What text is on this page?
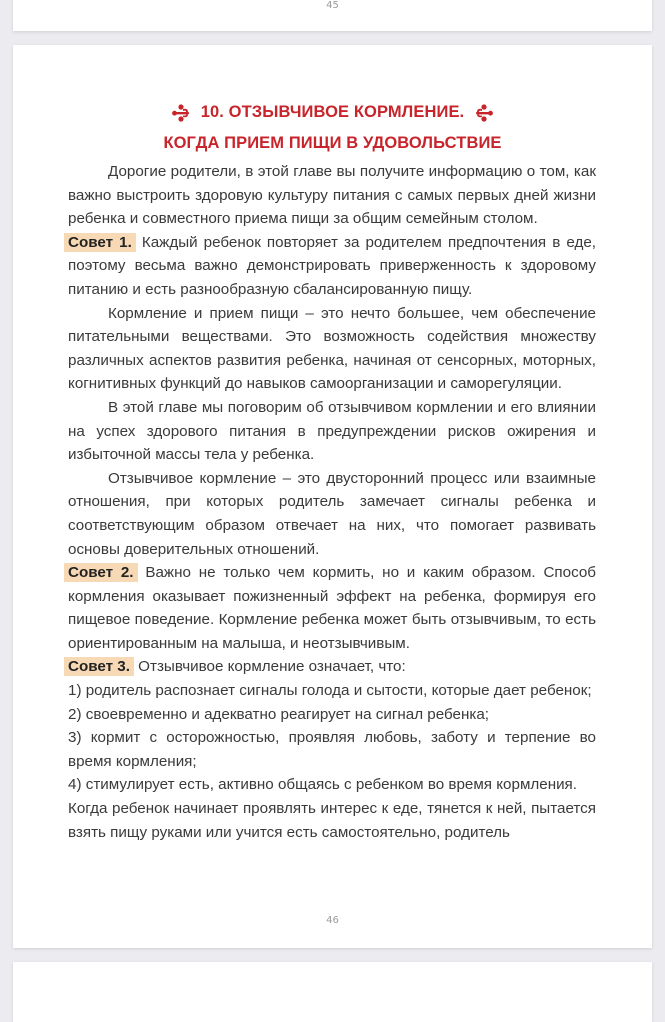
45
10. ОТЗЫВЧИВОЕ КОРМЛЕНИЕ.
КОГДА ПРИЕМ ПИЩИ В УДОВОЛЬСТВИЕ

Дорогие родители, в этой главе вы получите информацию о том, как важно выстроить здоровую культуру питания с самых первых дней жизни ребенка и совместного приема пищи за общим семейным столом.

Совет 1. Каждый ребенок повторяет за родителем предпочтения в еде, поэтому весьма важно демонстрировать приверженность к здоровому питанию и есть разнообразную сбалансированную пищу.

Кормление и прием пищи – это нечто большее, чем обеспечение питательными веществами. Это возможность содействия множеству различных аспектов развития ребенка, начиная от сенсорных, моторных, когнитивных функций до навыков самоорганизации и саморегуляции.

В этой главе мы поговорим об отзывчивом кормлении и его влиянии на успех здорового питания в предупреждении рисков ожирения и избыточной массы тела у ребенка.

Отзывчивое кормление – это двусторонний процесс или взаимные отношения, при которых родитель замечает сигналы ребенка и соответствующим образом отвечает на них, что помогает развивать основы доверительных отношений.

Совет 2. Важно не только чем кормить, но и каким образом. Способ кормления оказывает пожизненный эффект на ребенка, формируя его пищевое поведение. Кормление ребенка может быть отзывчивым, то есть ориентированным на малыша, и неотзывчивым.

Совет 3. Отзывчивое кормление означает, что:

1) родитель распознает сигналы голода и сытости, которые дает ребенок;

2) своевременно и адекватно реагирует на сигнал ребенка;

3) кормит с осторожностью, проявляя любовь, заботу и терпение во время кормления;

4) стимулирует есть, активно общаясь с ребенком во время кормления.

Когда ребенок начинает проявлять интерес к еде, тянется к ней, пытается взять пищу руками или учится есть самостоятельно, родитель

46
